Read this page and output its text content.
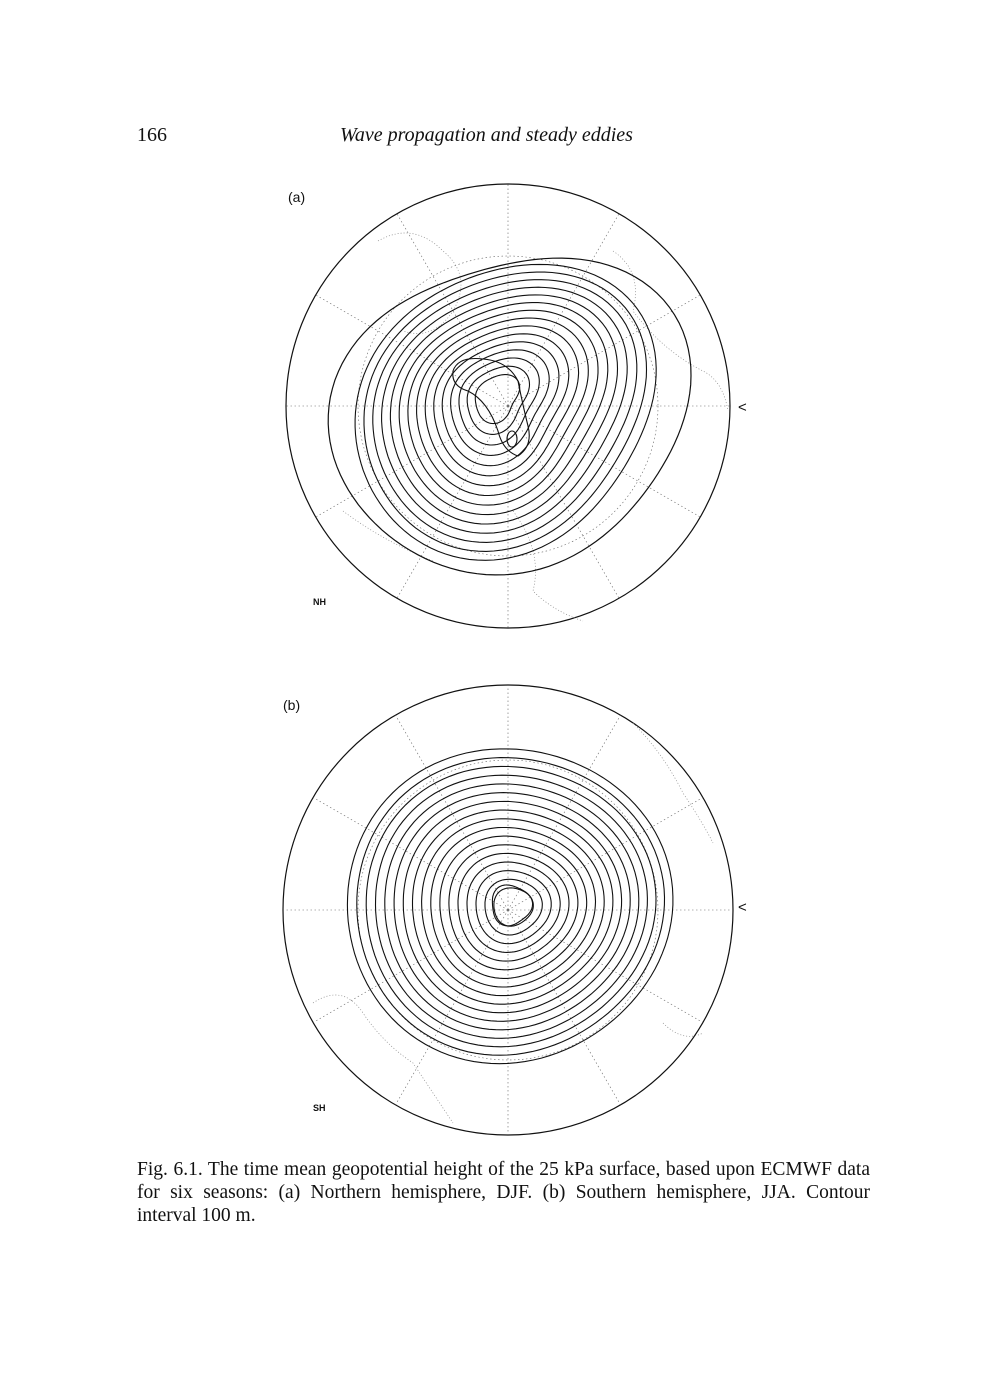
166	Wave propagation and steady eddies
(a)
NH
<
(b)
SH
<
Fig. 6.1. The time mean geopotential height of the 25 kPa surface, based upon ECMWF data for six seasons: (a) Northern hemisphere, DJF. (b) Southern hemisphere, JJA. Contour interval 100 m.
